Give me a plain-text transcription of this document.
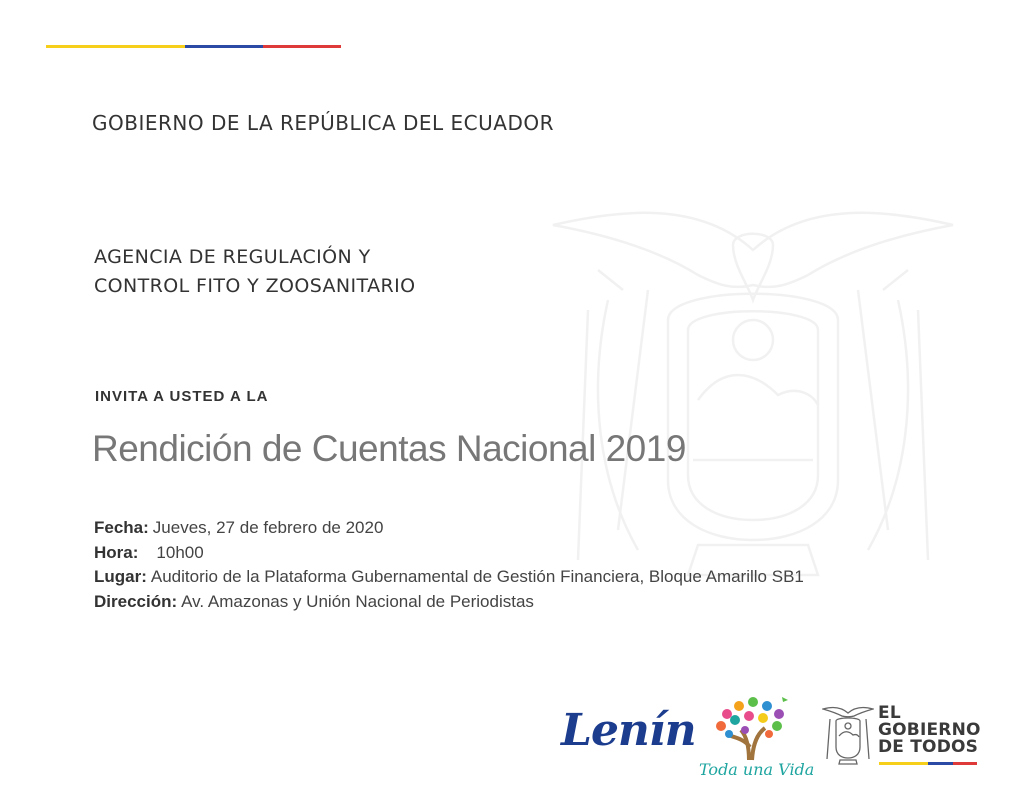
GOBIERNO DE LA REPÚBLICA DEL ECUADOR
AGENCIA DE REGULACIÓN Y
CONTROL FITO Y ZOOSANITARIO
INVITA A USTED A LA
Rendición de Cuentas Nacional 2019
Fecha: Jueves, 27 de febrero de 2020
Hora: 10h00
Lugar: Auditorio de la Plataforma Gubernamental de Gestión Financiera, Bloque Amarillo SB1
Dirección: Av. Amazonas y Unión Nacional de Periodistas
Lenín
Toda una Vida
EL
GOBIERNO
DE TODOS
